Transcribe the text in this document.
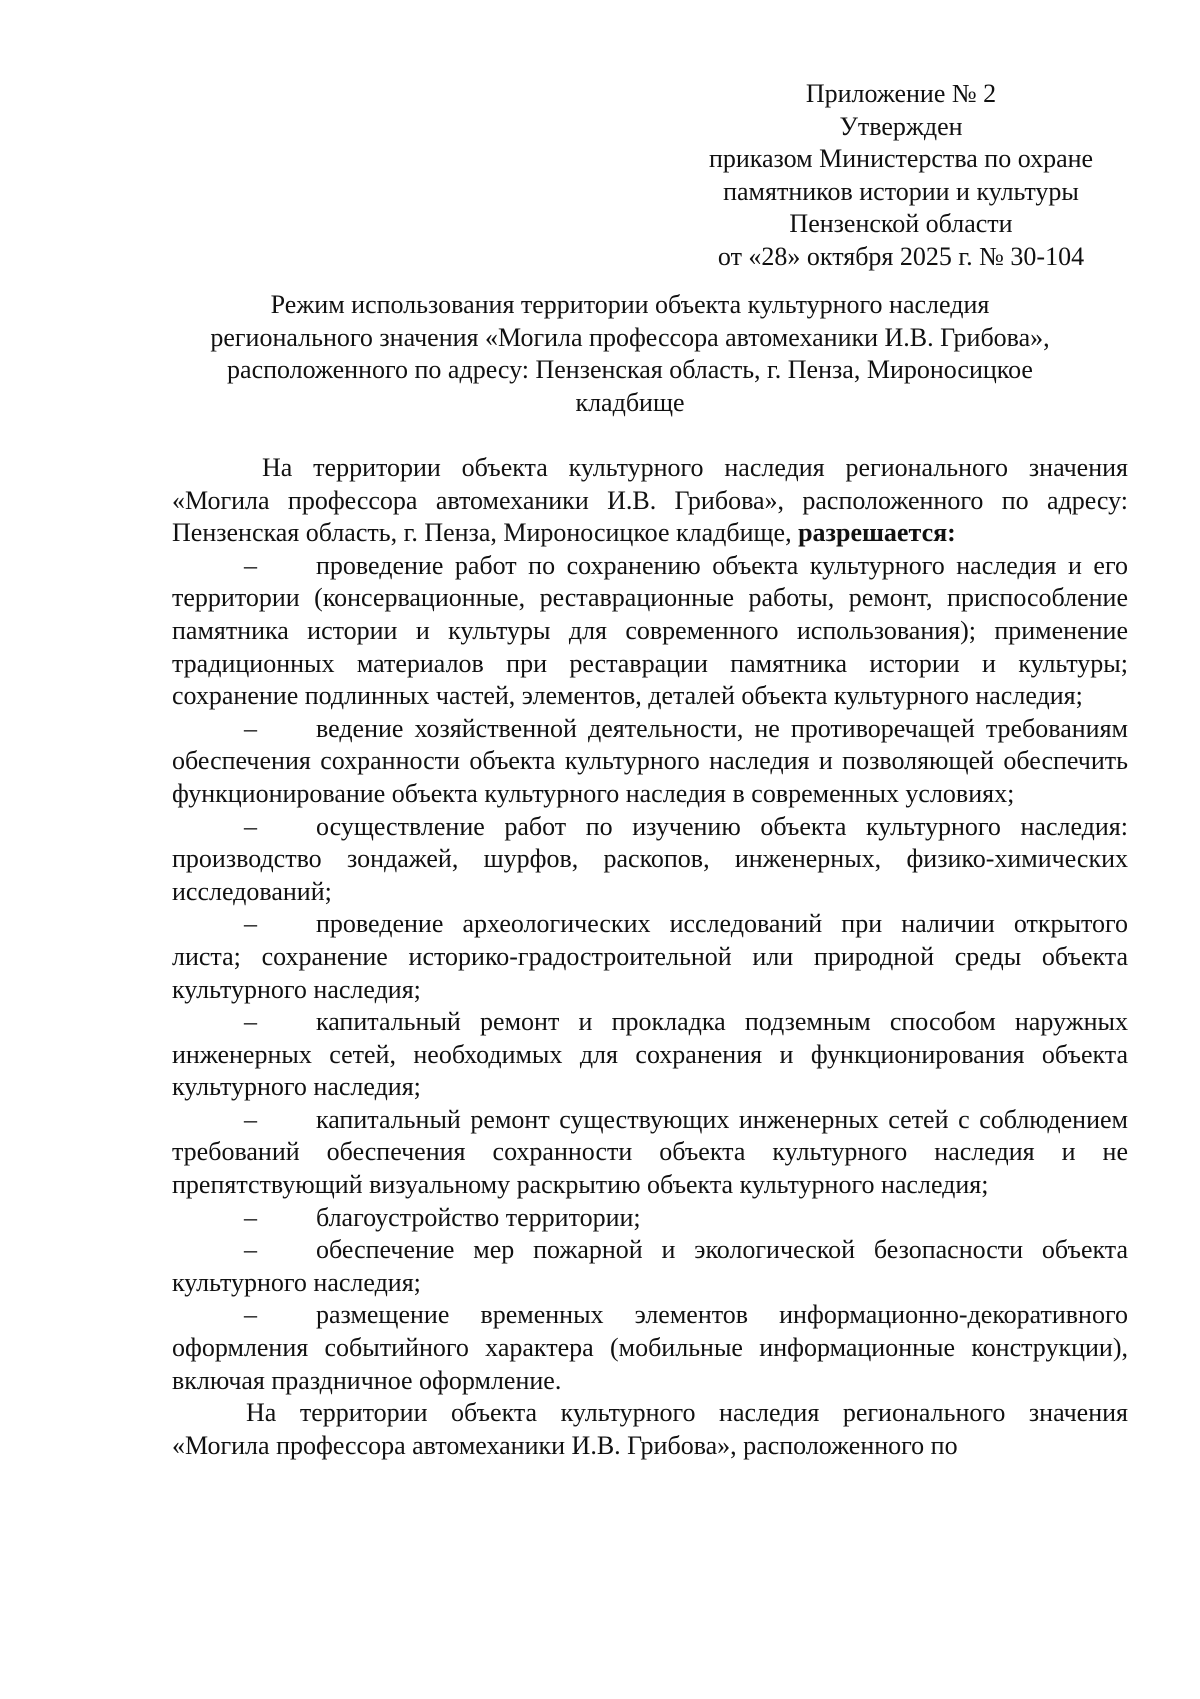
Приложение № 2
Утвержден
приказом Министерства по охране
памятников истории и культуры
Пензенской области
от «28» октября 2025 г. № 30-104
Режим использования территории объекта культурного наследия
регионального значения «Могила профессора автомеханики И.В. Грибова»,
расположенного по адресу: Пензенская область, г. Пенза, Мироносицкое
кладбище

На территории объекта культурного наследия регионального значения «Могила профессора автомеханики И.В. Грибова», расположенного по адресу: Пензенская область, г. Пенза, Мироносицкое кладбище, разрешается:

–	проведение работ по сохранению объекта культурного наследия и его территории (консервационные, реставрационные работы, ремонт, приспособление памятника истории и культуры для современного использования); применение традиционных материалов при реставрации памятника истории и культуры; сохранение подлинных частей, элементов, деталей объекта культурного наследия;
–	ведение хозяйственной деятельности, не противоречащей требованиям обеспечения сохранности объекта культурного наследия и позволяющей обеспечить функционирование объекта культурного наследия в современных условиях;
–	осуществление работ по изучению объекта культурного наследия: производство зондажей, шурфов, раскопов, инженерных, физико-химических исследований;
–	проведение археологических исследований при наличии открытого листа; сохранение историко-градостроительной или природной среды объекта культурного наследия;
–	капитальный ремонт и прокладка подземным способом наружных инженерных сетей, необходимых для сохранения и функционирования объекта культурного наследия;
–	капитальный ремонт существующих инженерных сетей с соблюдением требований обеспечения сохранности объекта культурного наследия и не препятствующий визуальному раскрытию объекта культурного наследия;
–	благоустройство территории;
–	обеспечение мер пожарной и экологической безопасности объекта культурного наследия;
–	размещение временных элементов информационно-декоративного оформления событийного характера (мобильные информационные конструкции), включая праздничное оформление.

На территории объекта культурного наследия регионального значения «Могила профессора автомеханики И.В. Грибова», расположенного по
